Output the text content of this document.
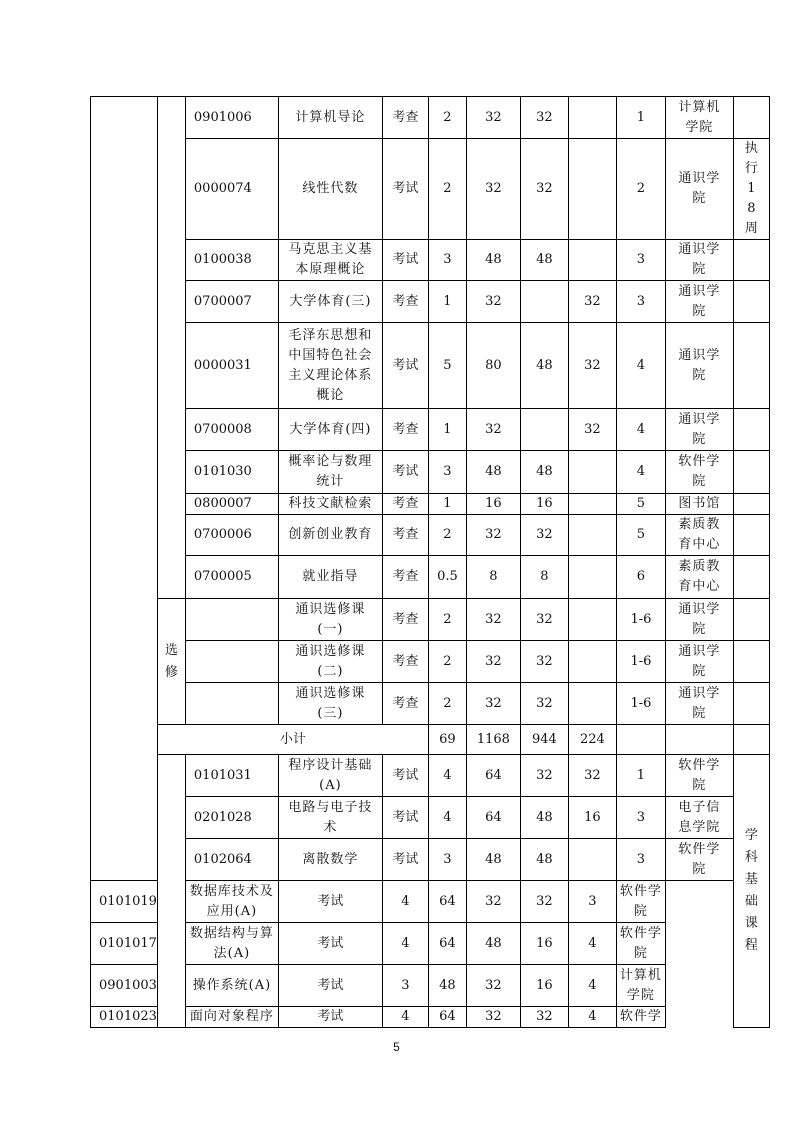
		0901006	计算机导论	考查	2	32	32		1	计算机学院	

		0000074	线性代数	考试	2	32	32		2	通识学院	执行18周

		0100038	马克思主义基本原理概论	考试	3	48	48		3	通识学院	

		0700007	大学体育(三)	考查	1	32		32	3	通识学院	

		0000031	毛泽东思想和中国特色社会主义理论体系概论	考试	5	80	48	32	4	通识学院	

		0700008	大学体育(四)	考查	1	32		32	4	通识学院	

		0101030	概率论与数理统计	考试	3	48	48		4	软件学院	

		0800007	科技文献检索	考查	1	16	16		5	图书馆	

		0700006	创新创业教育	考查	2	32	32		5	素质教育中心	

		0700005	就业指导	考查	0.5	8	8		6	素质教育中心	

	选修		通识选修课(一)	考查	2	32	32		1-6	通识学院	

			通识选修课(二)	考查	2	32	32		1-6	通识学院	

			通识选修课(三)	考查	2	32	32		1-6	通识学院	

	小计				69	1168	944	224			
		0101031	程序设计基础(A)	考试	4	64	32	32	1	软件学院	学科基础课程

		0201028	电路与电子技术	考试	4	64	48	16	3	电子信息学院	

		0102064	离散数学	考试	3	48	48		3	软件学院	

0101019		数据库技术及应用(A)	考试	4	64	32	32	3	软件学院		

0101017		数据结构与算法(A)	考试	4	64	48	16	4	软件学院		

0901003		操作系统(A)	考试	3	48	32	16	4	计算机学院		

0101023		面向对象程序	考试	4	64	32	32	4	软件学		
5
